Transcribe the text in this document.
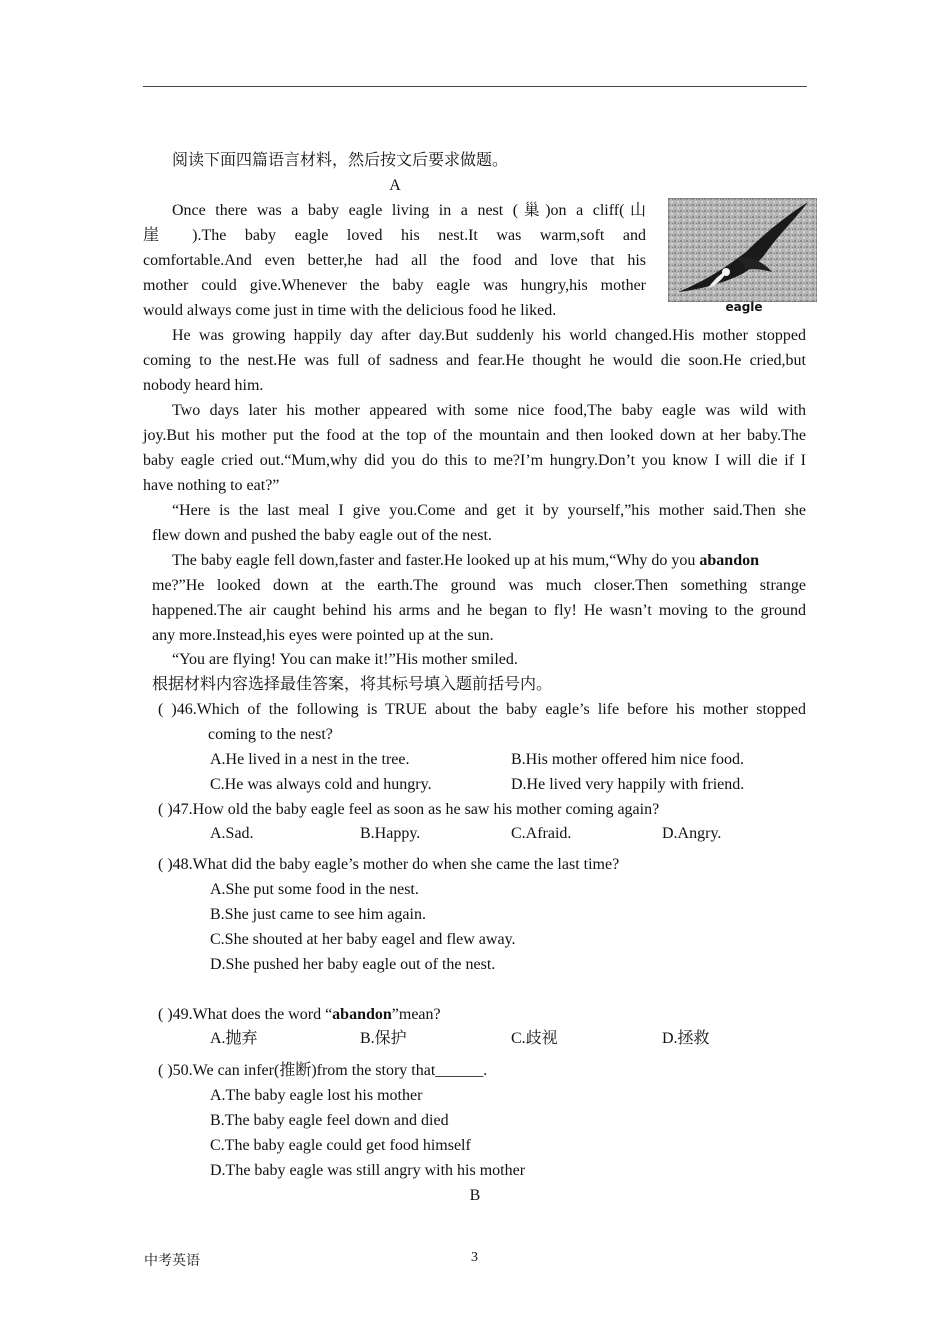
阅读下面四篇语言材料，然后按文后要求做题。
A
eagle
Once there was a baby eagle living in a nest (巢)on a cliff(山
崖 ).The baby eagle loved his nest.It was warm,soft and
comfortable.And even better,he had all the food and love that his
mother could give.Whenever the baby eagle was hungry,his mother
would always come just in time with the delicious food he liked.
He was growing happily day after day.But suddenly his world changed.His mother stopped
coming to the nest.He was full of sadness and fear.He thought he would die soon.He cried,but
nobody heard him.
Two days later his mother appeared with some nice food,The baby eagle was wild with
joy.But his mother put the food at the top of the mountain and then looked down at her baby.The
baby eagle cried out.“Mum,why did you do this to me?I’m hungry.Don’t you know I will die if I
have nothing to eat?”
“Here is the last meal I give you.Come and get it by yourself,”his mother said.Then she
flew down and pushed the baby eagle out of the nest.
The baby eagle fell down,faster and faster.He looked up at his mum,“Why do you abandon
me?”He looked down at the earth.The ground was much closer.Then something strange
happened.The air caught behind his arms and he began to fly! He wasn’t moving to the ground
any more.Instead,his eyes were pointed up at the sun.
“You are flying! You can make it!”His mother smiled.
根据材料内容选择最佳答案，将其标号填入题前括号内。
( )46.Which of the following is TRUE about the baby eagle’s life before his mother stopped
coming to the nest?
A.He lived in a nest in the tree.	B.His mother offered him nice food.
C.He was always cold and hungry.	D.He lived very happily with friend.
( )47.How old the baby eagle feel as soon as he saw his mother coming again?
A.Sad.	B.Happy.	C.Afraid.	D.Angry.
( )48.What did the baby eagle’s mother do when she came the last time?
A.She put some food in the nest.
B.She just came to see him again.
C.She shouted at her baby eagel and flew away.
D.She pushed her baby eagle out of the nest.
( )49.What does the word “abandon”mean?
A.抛弃	B.保护	C.歧视	D.拯救
( )50.We can infer(推断)from the story that______.
A.The baby eagle lost his mother
B.The baby eagle feel down and died
C.The baby eagle could get food himself
D.The baby eagle was still angry with his mother
B
中考英语	3
